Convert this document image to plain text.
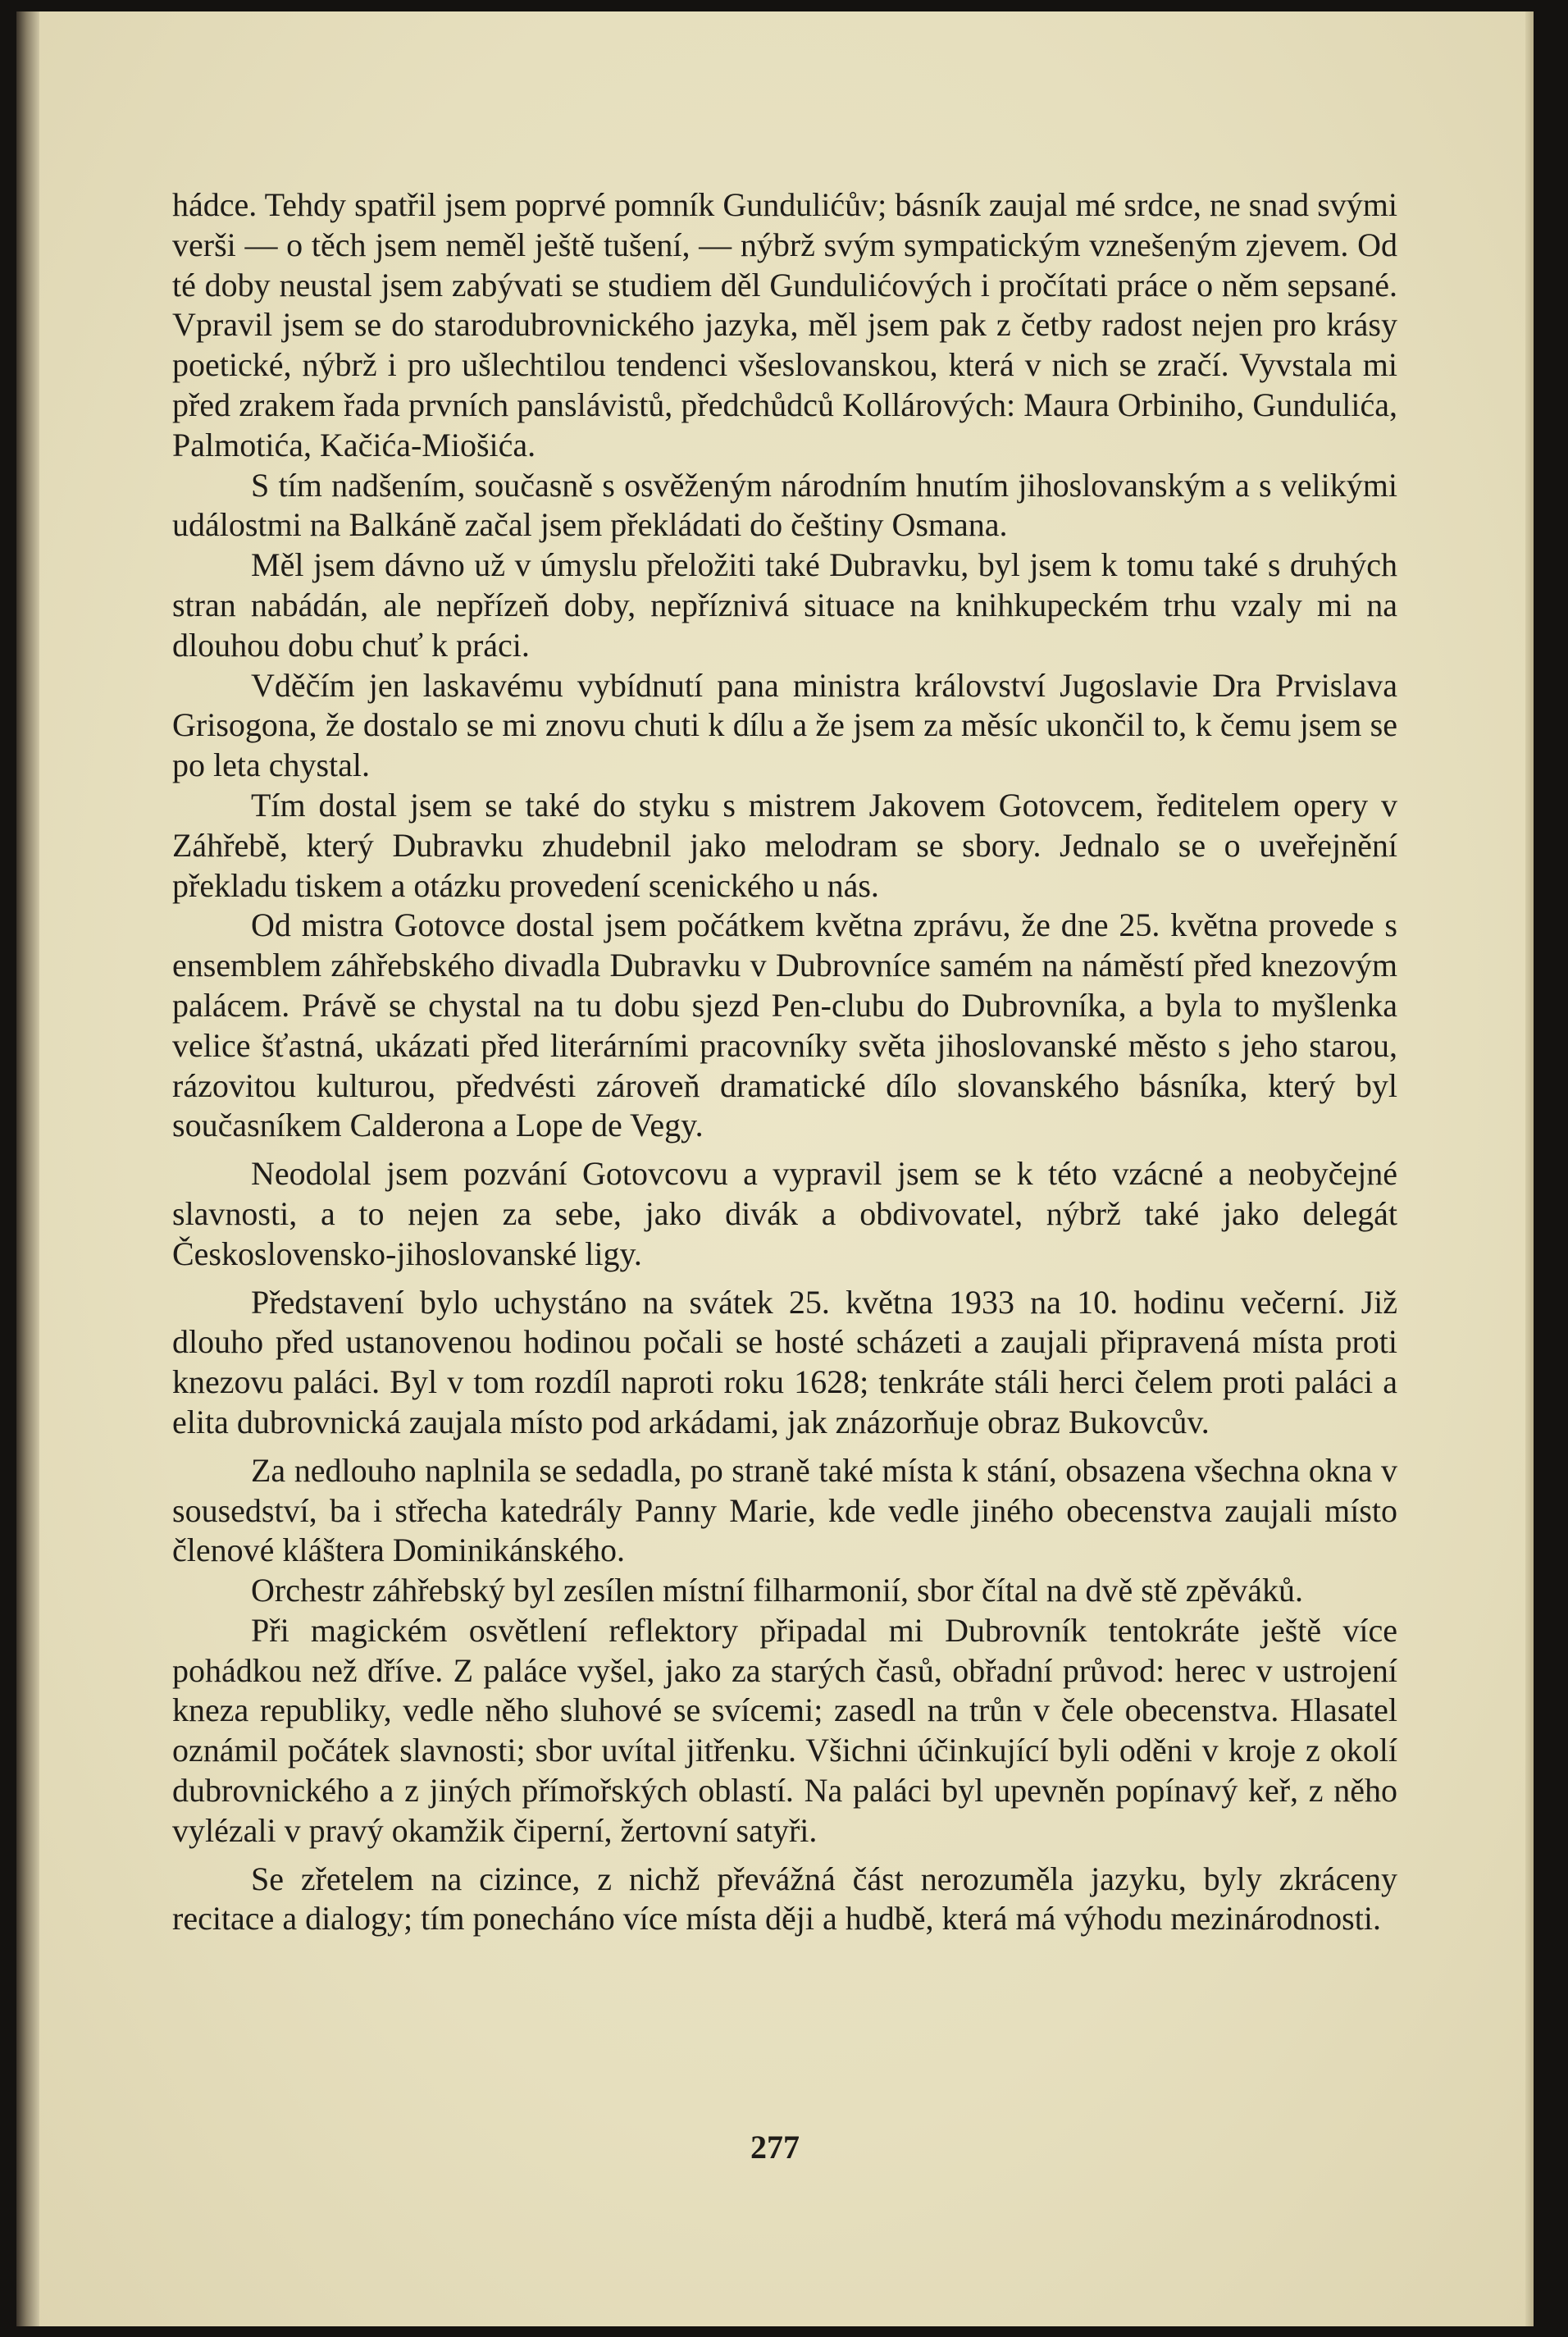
hádce. Tehdy spatřil jsem poprvé pomník Gundulićův; básník zaujal mé srdce, ne snad svými verši — o těch jsem neměl ještě tušení, — nýbrž svým sympatickým vznešeným zjevem. Od té doby neustal jsem zabývati se studiem děl Gundulićových i pročítati práce o něm sepsané. Vpravil jsem se do starodubrovnického jazyka, měl jsem pak z četby radost nejen pro krásy poetické, nýbrž i pro ušlechtilou tendenci všeslovanskou, která v nich se zračí. Vyvstala mi před zrakem řada prvních panslávistů, předchůdců Kollárových: Maura Orbiniho, Gundulića, Palmotića, Kačića-Miošića.

S tím nadšením, současně s osvěženým národním hnutím jihoslovanským a s velikými událostmi na Balkáně začal jsem překládati do češtiny Osmana.

Měl jsem dávno už v úmyslu přeložiti také Dubravku, byl jsem k tomu také s druhých stran nabádán, ale nepřízeň doby, nepříznivá situace na knihkupeckém trhu vzaly mi na dlouhou dobu chuť k práci.

Vděčím jen laskavému vybídnutí pana ministra království Jugoslavie Dra Prvislava Grisogona, že dostalo se mi znovu chuti k dílu a že jsem za měsíc ukončil to, k čemu jsem se po leta chystal.

Tím dostal jsem se také do styku s mistrem Jakovem Gotovcem, ředitelem opery v Záhřebě, který Dubravku zhudebnil jako melodram se sbory. Jednalo se o uveřejnění překladu tiskem a otázku provedení scenického u nás.

Od mistra Gotovce dostal jsem počátkem května zprávu, že dne 25. května provede s ensemblem záhřebského divadla Dubravku v Dubrovníce samém na náměstí před knezovým palácem. Právě se chystal na tu dobu sjezd Pen-clubu do Dubrovníka, a byla to myšlenka velice šťastná, ukázati před literárními pracovníky světa jihoslovanské město s jeho starou, rázovitou kulturou, předvésti zároveň dramatické dílo slovanského básníka, který byl současníkem Calderona a Lope de Vegy.

Neodolal jsem pozvání Gotovcovu a vypravil jsem se k této vzácné a neobyčejné slavnosti, a to nejen za sebe, jako divák a obdivovatel, nýbrž také jako delegát Československo-jihoslovanské ligy.

Představení bylo uchystáno na svátek 25. května 1933 na 10. hodinu večerní. Již dlouho před ustanovenou hodinou počali se hosté scházeti a zaujali připravená místa proti knezovu paláci. Byl v tom rozdíl naproti roku 1628; tenkráte stáli herci čelem proti paláci a elita dubrovnická zaujala místo pod arkádami, jak znázorňuje obraz Bukovcův.

Za nedlouho naplnila se sedadla, po straně také místa k stání, obsazena všechna okna v sousedství, ba i střecha katedrály Panny Marie, kde vedle jiného obecenstva zaujali místo členové kláštera Dominikánského.

Orchestr záhřebský byl zesílen místní filharmonií, sbor čítal na dvě stě zpěváků.

Při magickém osvětlení reflektory připadal mi Dubrovník tentokráte ještě více pohádkou než dříve. Z paláce vyšel, jako za starých časů, obřadní průvod: herec v ustrojení kneza republiky, vedle něho sluhové se svícemi; zasedl na trůn v čele obecenstva. Hlasatel oznámil počátek slavnosti; sbor uvítal jitřenku. Všichni účinkující byli oděni v kroje z okolí dubrovnického a z jiných přímořských oblastí. Na paláci byl upevněn popínavý keř, z něho vylézali v pravý okamžik čiperní, žertovní satyři.

Se zřetelem na cizince, z nichž převážná část nerozuměla jazyku, byly zkráceny recitace a dialogy; tím ponecháno více místa ději a hudbě, která má výhodu mezinárodnosti.

277
